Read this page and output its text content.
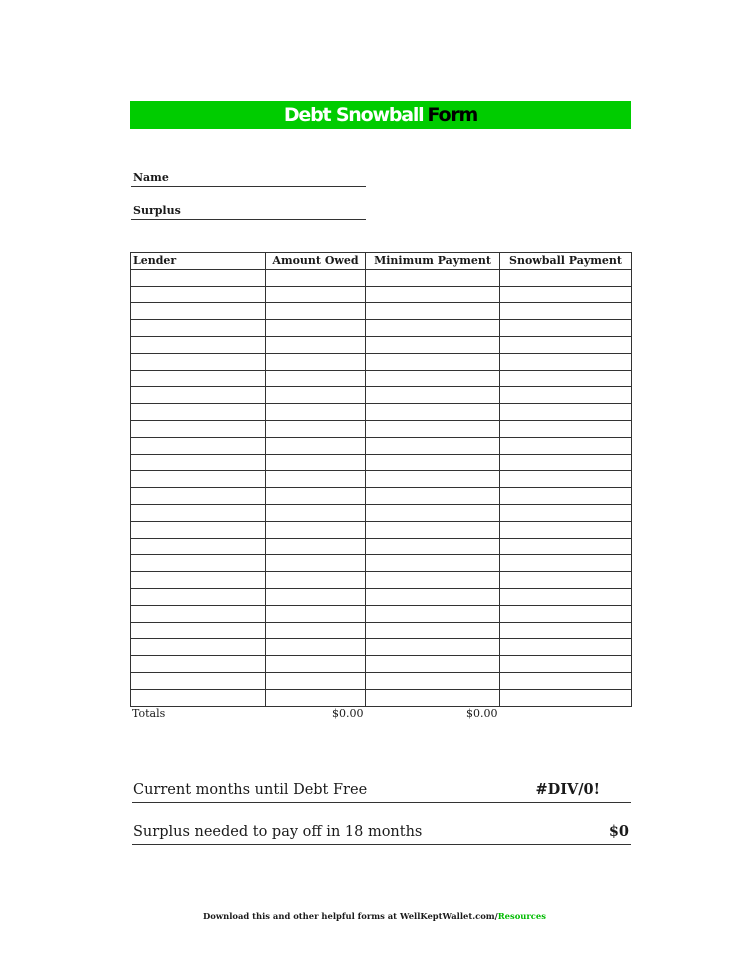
Debt Snowball Form
Name
Surplus
Lender	Amount Owed	Minimum Payment	Snowball Payment

Totals	$0.00	$0.00
Current months until Debt Free	#DIV/0!
Surplus needed to pay off in 18 months	$0
Download this and other helpful forms at WellKeptWallet.com/Resources
